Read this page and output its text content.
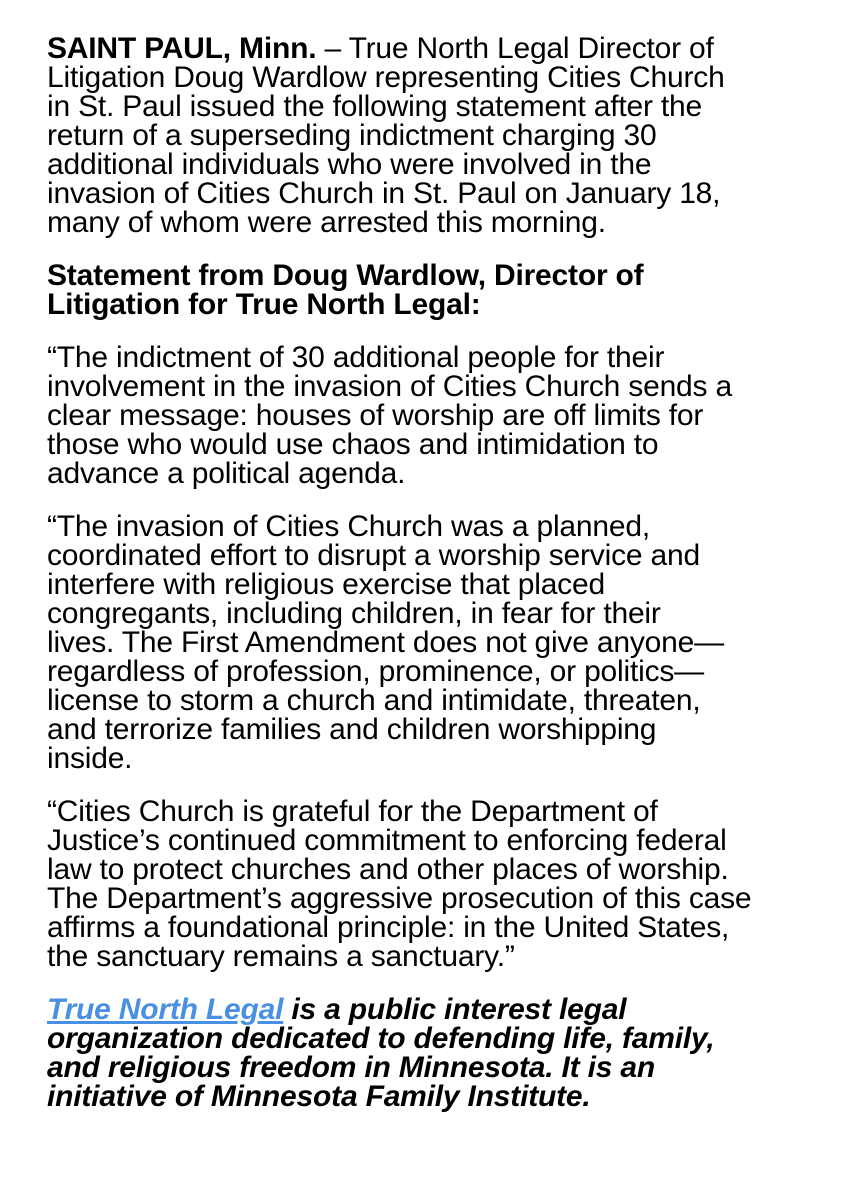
SAINT PAUL, Minn. – True North Legal Director of
Litigation Doug Wardlow representing Cities Church
in St. Paul issued the following statement after the
return of a superseding indictment charging 30
additional individuals who were involved in the
invasion of Cities Church in St. Paul on January 18,
many of whom were arrested this morning.

Statement from Doug Wardlow, Director of
Litigation for True North Legal:

“The indictment of 30 additional people for their
involvement in the invasion of Cities Church sends a
clear message: houses of worship are off limits for
those who would use chaos and intimidation to
advance a political agenda.

“The invasion of Cities Church was a planned,
coordinated effort to disrupt a worship service and
interfere with religious exercise that placed
congregants, including children, in fear for their
lives. The First Amendment does not give anyone—
regardless of profession, prominence, or politics—
license to storm a church and intimidate, threaten,
and terrorize families and children worshipping
inside.

“Cities Church is grateful for the Department of
Justice’s continued commitment to enforcing federal
law to protect churches and other places of worship.
The Department’s aggressive prosecution of this case
affirms a foundational principle: in the United States,
the sanctuary remains a sanctuary.”

True North Legal is a public interest legal
organization dedicated to defending life, family,
and religious freedom in Minnesota. It is an
initiative of Minnesota Family Institute.
